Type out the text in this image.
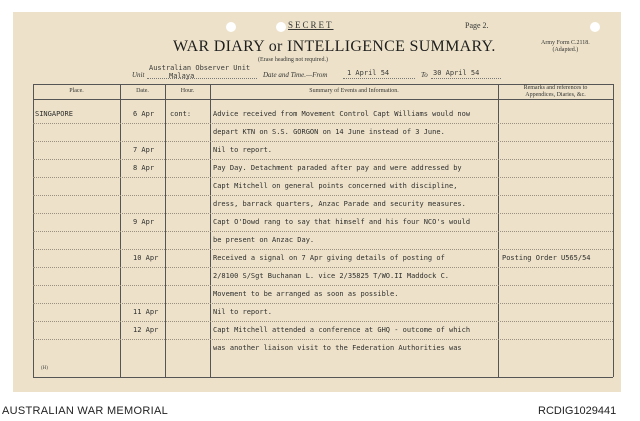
SECRET	Page 2.
Army Form C.2118.
(Adapted.)
WAR DIARY or INTELLIGENCE SUMMARY.
(Erase heading not required.)
Unit
Australian Observer Unit
Malaya	Date and Time.—From	1 April 54	To 30 April 54
Place.	Date.	Hour.	Summary of Events and Information.	Remarks and references to
Appendices, Diaries, &c.
SINGAPORE	6 Apr cont:	Advice received from Movement Control Capt Williams would now
depart KTN on S.S. GORGON on 14 June instead of 3 June.
7 Apr	Nil to report.
8 Apr	Pay Day. Detachment paraded after pay and were addressed by
Capt Mitchell on general points concerned with discipline,
dress, barrack quarters, Anzac Parade and security measures.
9 Apr	Capt O'Dowd rang to say that himself and his four NCO's would
be present on Anzac Day.
10 Apr	Received a signal on 7 Apr giving details of posting of	Posting Order U565/54
2/8100 S/Sgt Buchanan L. vice 2/35825 T/WO.II Maddock C.
Movement to be arranged as soon as possible.
11 Apr	Nil to report.
12 Apr	Capt Mitchell attended a conference at GHQ - outcome of which
was another liaison visit to the Federation Authorities was
(H)
AUSTRALIAN WAR MEMORIAL	RCDIG1029441
